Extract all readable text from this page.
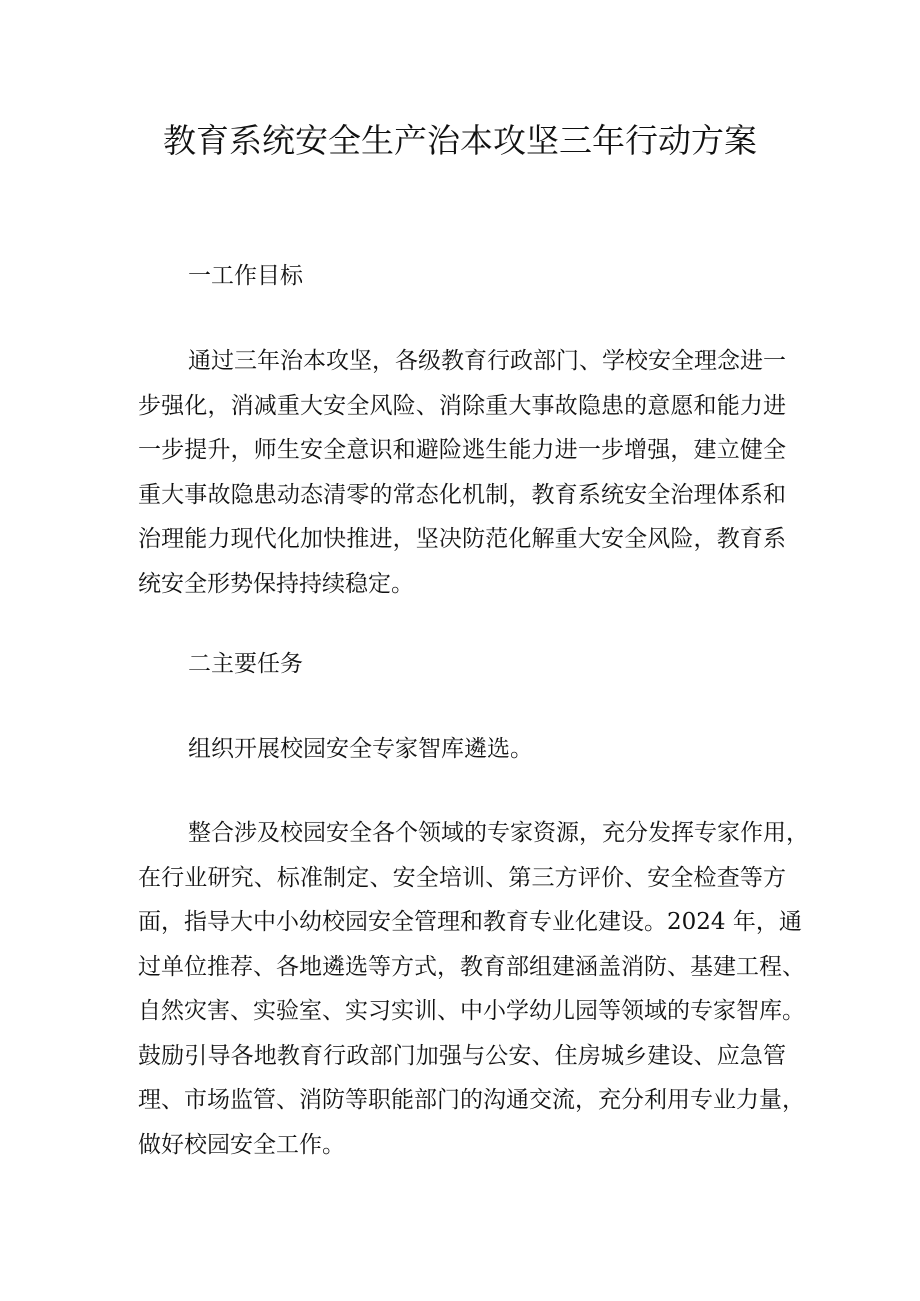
教育系统安全生产治本攻坚三年行动方案

一工作目标

通过三年治本攻坚，各级教育行政部门、学校安全理念进一
步强化，消减重大安全风险、消除重大事故隐患的意愿和能力进
一步提升，师生安全意识和避险逃生能力进一步增强，建立健全
重大事故隐患动态清零的常态化机制，教育系统安全治理体系和
治理能力现代化加快推进，坚决防范化解重大安全风险，教育系
统安全形势保持持续稳定。

二主要任务

组织开展校园安全专家智库遴选。

整合涉及校园安全各个领域的专家资源，充分发挥专家作用，
在行业研究、标准制定、安全培训、第三方评价、安全检查等方
面，指导大中小幼校园安全管理和教育专业化建设。2024 年，通
过单位推荐、各地遴选等方式，教育部组建涵盖消防、基建工程、
自然灾害、实验室、实习实训、中小学幼儿园等领域的专家智库。
鼓励引导各地教育行政部门加强与公安、住房城乡建设、应急管
理、市场监管、消防等职能部门的沟通交流，充分利用专业力量，
做好校园安全工作。
